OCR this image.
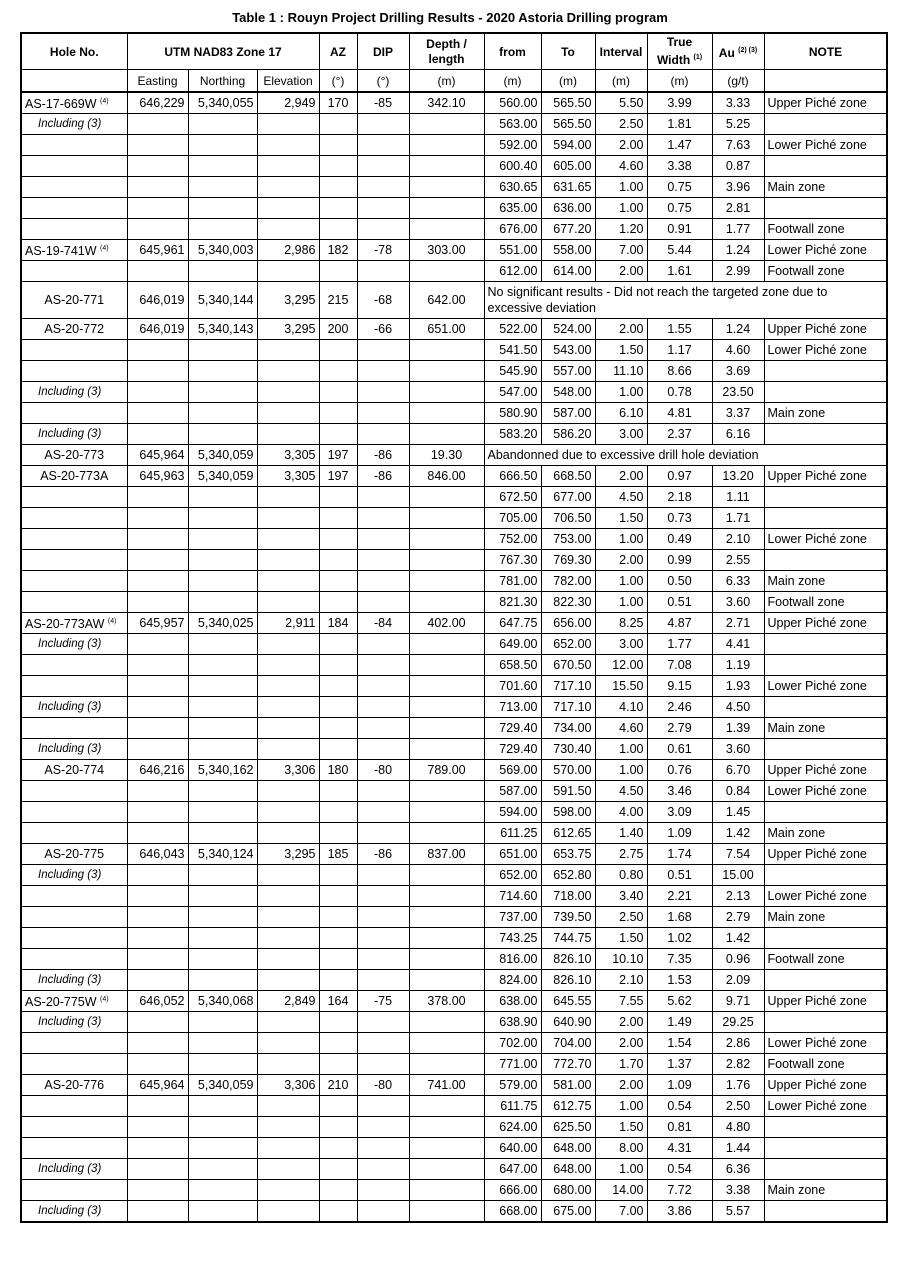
Table 1 : Rouyn Project Drilling Results - 2020 Astoria Drilling program
Hole No.	UTM NAD83 Zone 17			AZ	DIP	Depth / length	from	To	Interval	True Width $^{(1)}$	Au $^{(2) (3)}$	NOTE
	Easting	Northing	Elevation	(°)	(°)	(m)	(m)	(m)	(m)	(m)	(g/t)	
AS-17-669W $^{(4)}$	646,229	5,340,055	2,949	170	-85	342.10	560.00	565.50	5.50	3.99	3.33	Upper Piché zone
Including (3)							563.00	565.50	2.50	1.81	5.25	
							592.00	594.00	2.00	1.47	7.63	Lower Piché zone
							600.40	605.00	4.60	3.38	0.87	
							630.65	631.65	1.00	0.75	3.96	Main zone
							635.00	636.00	1.00	0.75	2.81	
							676.00	677.20	1.20	0.91	1.77	Footwall zone
AS-19-741W $^{(4)}$	645,961	5,340,003	2,986	182	-78	303.00	551.00	558.00	7.00	5.44	1.24	Lower Piché zone
							612.00	614.00	2.00	1.61	2.99	Footwall zone
AS-20-771	646,019	5,340,144	3,295	215	-68	642.00	No significant results - Did not reach the targeted zone due to excessive deviation					
AS-20-772	646,019	5,340,143	3,295	200	-66	651.00	522.00	524.00	2.00	1.55	1.24	Upper Piché zone
							541.50	543.00	1.50	1.17	4.60	Lower Piché zone
							545.90	557.00	11.10	8.66	3.69	
Including (3)							547.00	548.00	1.00	0.78	23.50	
							580.90	587.00	6.10	4.81	3.37	Main zone
Including (3)							583.20	586.20	3.00	2.37	6.16	
AS-20-773	645,964	5,340,059	3,305	197	-86	19.30	Abandonned due to excessive drill hole deviation					
AS-20-773A	645,963	5,340,059	3,305	197	-86	846.00	666.50	668.50	2.00	0.97	13.20	Upper Piché zone
							672.50	677.00	4.50	2.18	1.11	
							705.00	706.50	1.50	0.73	1.71	
							752.00	753.00	1.00	0.49	2.10	Lower Piché zone
							767.30	769.30	2.00	0.99	2.55	
							781.00	782.00	1.00	0.50	6.33	Main zone
							821.30	822.30	1.00	0.51	3.60	Footwall zone
AS-20-773AW $^{(4)}$	645,957	5,340,025	2,911	184	-84	402.00	647.75	656.00	8.25	4.87	2.71	Upper Piché zone
Including (3)							649.00	652.00	3.00	1.77	4.41	
							658.50	670.50	12.00	7.08	1.19	
							701.60	717.10	15.50	9.15	1.93	Lower Piché zone
Including (3)							713.00	717.10	4.10	2.46	4.50	
							729.40	734.00	4.60	2.79	1.39	Main zone
Including (3)							729.40	730.40	1.00	0.61	3.60	
AS-20-774	646,216	5,340,162	3,306	180	-80	789.00	569.00	570.00	1.00	0.76	6.70	Upper Piché zone
							587.00	591.50	4.50	3.46	0.84	Lower Piché zone
							594.00	598.00	4.00	3.09	1.45	
							611.25	612.65	1.40	1.09	1.42	Main zone
AS-20-775	646,043	5,340,124	3,295	185	-86	837.00	651.00	653.75	2.75	1.74	7.54	Upper Piché zone
Including (3)							652.00	652.80	0.80	0.51	15.00	
							714.60	718.00	3.40	2.21	2.13	Lower Piché zone
							737.00	739.50	2.50	1.68	2.79	Main zone
							743.25	744.75	1.50	1.02	1.42	
							816.00	826.10	10.10	7.35	0.96	Footwall zone
Including (3)							824.00	826.10	2.10	1.53	2.09	
AS-20-775W $^{(4)}$	646,052	5,340,068	2,849	164	-75	378.00	638.00	645.55	7.55	5.62	9.71	Upper Piché zone
Including (3)							638.90	640.90	2.00	1.49	29.25	
							702.00	704.00	2.00	1.54	2.86	Lower Piché zone
							771.00	772.70	1.70	1.37	2.82	Footwall zone
AS-20-776	645,964	5,340,059	3,306	210	-80	741.00	579.00	581.00	2.00	1.09	1.76	Upper Piché zone
							611.75	612.75	1.00	0.54	2.50	Lower Piché zone
							624.00	625.50	1.50	0.81	4.80	
							640.00	648.00	8.00	4.31	1.44	
Including (3)							647.00	648.00	1.00	0.54	6.36	
							666.00	680.00	14.00	7.72	3.38	Main zone
Including (3)							668.00	675.00	7.00	3.86	5.57	
